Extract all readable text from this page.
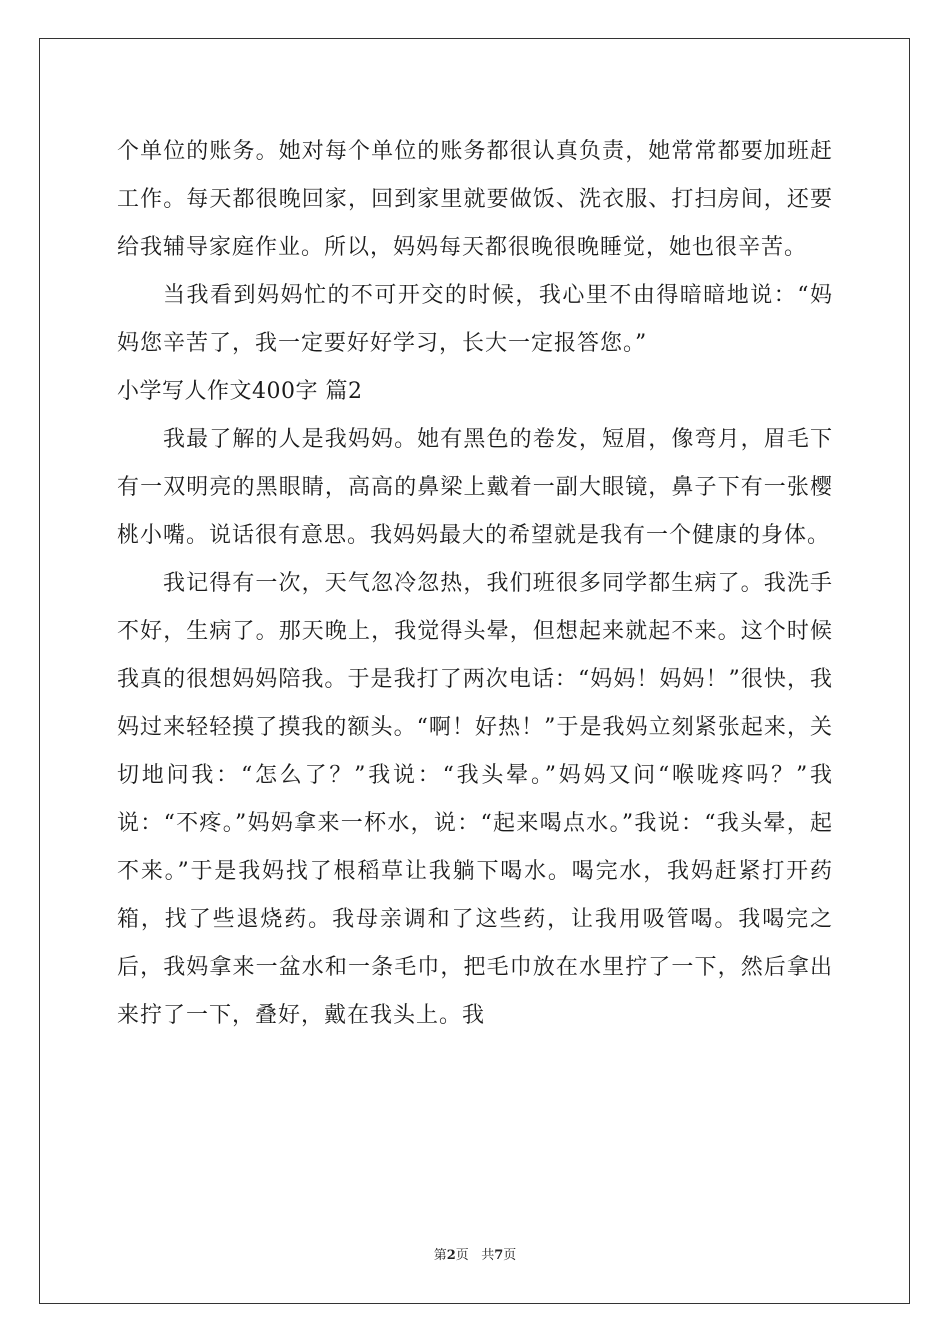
个单位的账务。她对每个单位的账务都很认真负责，她常常都要加班赶工作。每天都很晚回家，回到家里就要做饭、洗衣服、打扫房间，还要给我辅导家庭作业。所以，妈妈每天都很晚很晚睡觉，她也很辛苦。

当我看到妈妈忙的不可开交的时候，我心里不由得暗暗地说：“妈妈您辛苦了，我一定要好好学习，长大一定报答您。”

小学写人作文400字 篇2

我最了解的人是我妈妈。她有黑色的卷发，短眉，像弯月，眉毛下有一双明亮的黑眼睛，高高的鼻梁上戴着一副大眼镜，鼻子下有一张樱桃小嘴。说话很有意思。我妈妈最大的希望就是我有一个健康的身体。

我记得有一次，天气忽冷忽热，我们班很多同学都生病了。我洗手不好，生病了。那天晚上，我觉得头晕，但想起来就起不来。这个时候我真的很想妈妈陪我。于是我打了两次电话：“妈妈！妈妈！”很快，我妈过来轻轻摸了摸我的额头。“啊！好热！”于是我妈立刻紧张起来，关切地问我：“怎么了？”我说：“我头晕。”妈妈又问“喉咙疼吗？”我说：“不疼。”妈妈拿来一杯水，说：“起来喝点水。”我说：“我头晕，起不来。”于是我妈找了根稻草让我躺下喝水。喝完水，我妈赶紧打开药箱，找了些退烧药。我母亲调和了这些药，让我用吸管喝。我喝完之后，我妈拿来一盆水和一条毛巾，把毛巾放在水里拧了一下，然后拿出来拧了一下，叠好，戴在我头上。我

第2页 共7页
